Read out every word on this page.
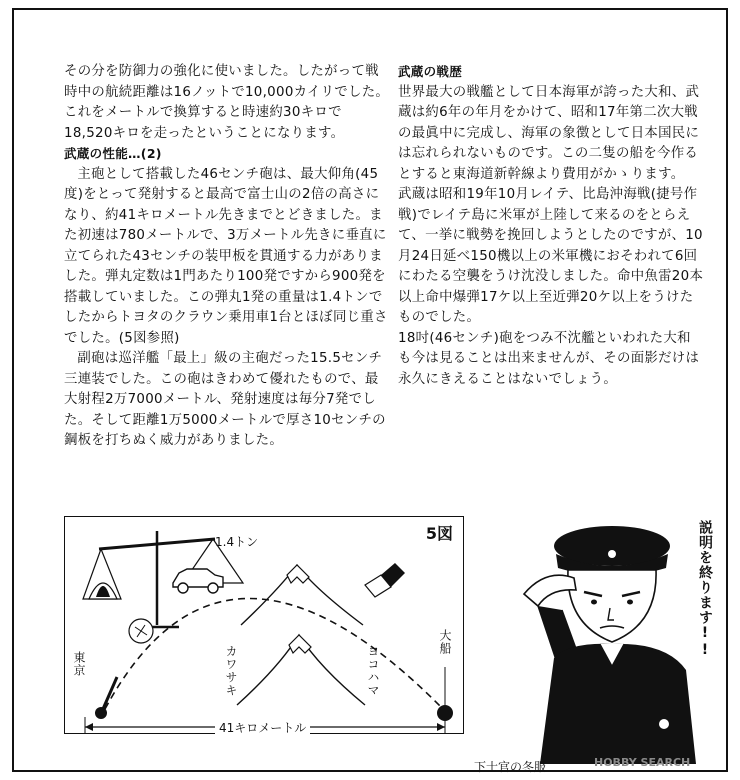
その分を防御力の強化に使いました。したがって戦時中の航続距離は16ノットで10,000カイリでした。これをメートルで換算すると時速約30キロで18,520キロを走ったということになります。

武蔵の性能…(2)

主砲として搭載した46センチ砲は、最大仰角(45度)をとって発射すると最高で富士山の2倍の高さになり、約41キロメートル先きまでとどきました。また初速は780メートルで、3万メートル先きに垂直に立てられた43センチの装甲板を貫通する力がありました。弾丸定数は1門あたり100発ですから900発を搭載していました。この弾丸1発の重量は1.4トンでしたからトヨタのクラウン乗用車1台とほぼ同じ重さでした。(5図参照)

副砲は巡洋艦「最上」級の主砲だった15.5センチ三連装でした。この砲はきわめて優れたもので、最大射程2万7000メートル、発射速度は毎分7発でした。そして距離1万5000メートルで厚さ10センチの鋼板を打ちぬく威力がありました。

武蔵の戦歴

世界最大の戦艦として日本海軍が誇った大和、武蔵は約6年の年月をかけて、昭和17年第二次大戦の最眞中に完成し、海軍の象徴として日本国民には忘れられないものです。この二隻の船を今作るとすると東海道新幹線より費用がかゝります。

武蔵は昭和19年10月レイテ、比島沖海戦(捷号作戦)でレイテ島に米軍が上陸して来るのをとらえて、一挙に戦勢を挽回しようとしたのですが、10月24日延べ150機以上の米軍機におそわれて6回にわたる空襲をうけ沈没しました。命中魚雷20本以上命中爆弾17ケ以上至近弾20ケ以上をうけたものでした。

18吋(46センチ)砲をつみ不沈艦といわれた大和も今は見ることは出来ませんが、その面影だけは永久にきえることはないでしょう。

5図
1.4トン
東京	カワサキ	ヨコハマ
大船
41キロメートル
説明を終ります!!
下士官の冬服	HOBBY SEARCH
